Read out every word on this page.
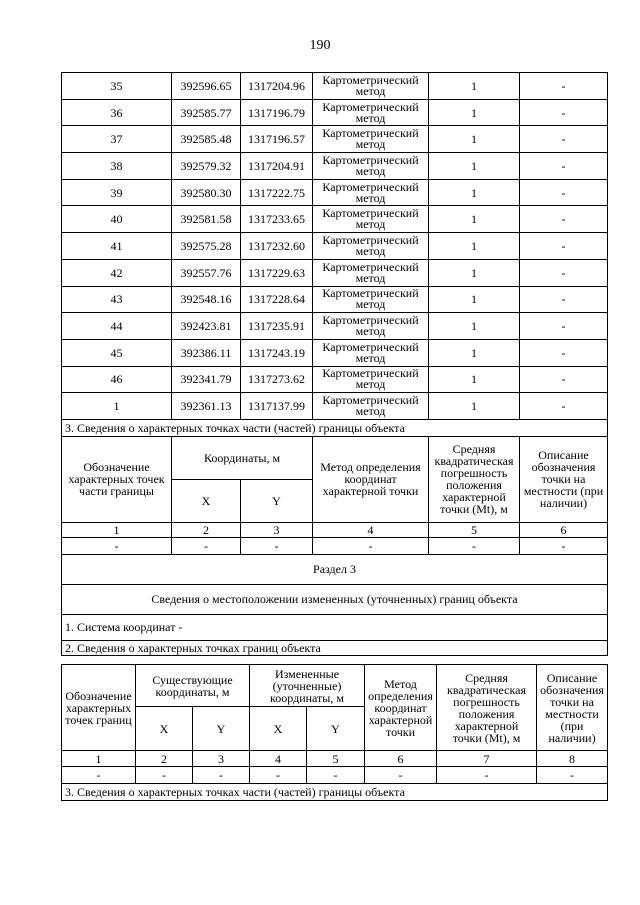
190
35	392596.65	1317204.96	Картометрический метод	1	-
36	392585.77	1317196.79	Картометрический метод	1	-
37	392585.48	1317196.57	Картометрический метод	1	-
38	392579.32	1317204.91	Картометрический метод	1	-
39	392580.30	1317222.75	Картометрический метод	1	-
40	392581.58	1317233.65	Картометрический метод	1	-
41	392575.28	1317232.60	Картометрический метод	1	-
42	392557.76	1317229.63	Картометрический метод	1	-
43	392548.16	1317228.64	Картометрический метод	1	-
44	392423.81	1317235.91	Картометрический метод	1	-
45	392386.11	1317243.19	Картометрический метод	1	-
46	392341.79	1317273.62	Картометрический метод	1	-
1	392361.13	1317137.99	Картометрический метод	1	-
3. Сведения о характерных точках части (частей) границы объекта					
Обозначение характерных точек части границы	Координаты, м		Метод определения координат характерной точки	Средняя квадратическая погрешность положения характерной точки (Mt), м	Описание обозначения точки на местности (при наличии)
	X	Y			
1	2	3	4	5	6
-	-	-	-	-	-
Раздел 3					
Сведения о местоположении измененных (уточненных) границ объекта					
1. Система координат -					
2. Сведения о характерных точках границ объекта					
Обозначение характерных точек границ	Существующие координаты, м		Измененные (уточненные) координаты, м		Метод определения координат характерной точки	Средняя квадратическая погрешность положения характерной точки (Mt), м	Описание обозначения точки на местности (при наличии)
	X	Y	X	Y			
1	2	3	4	5	6	7	8
-	-	-	-	-	-	-	-
3. Сведения о характерных точках части (частей) границы объекта							
